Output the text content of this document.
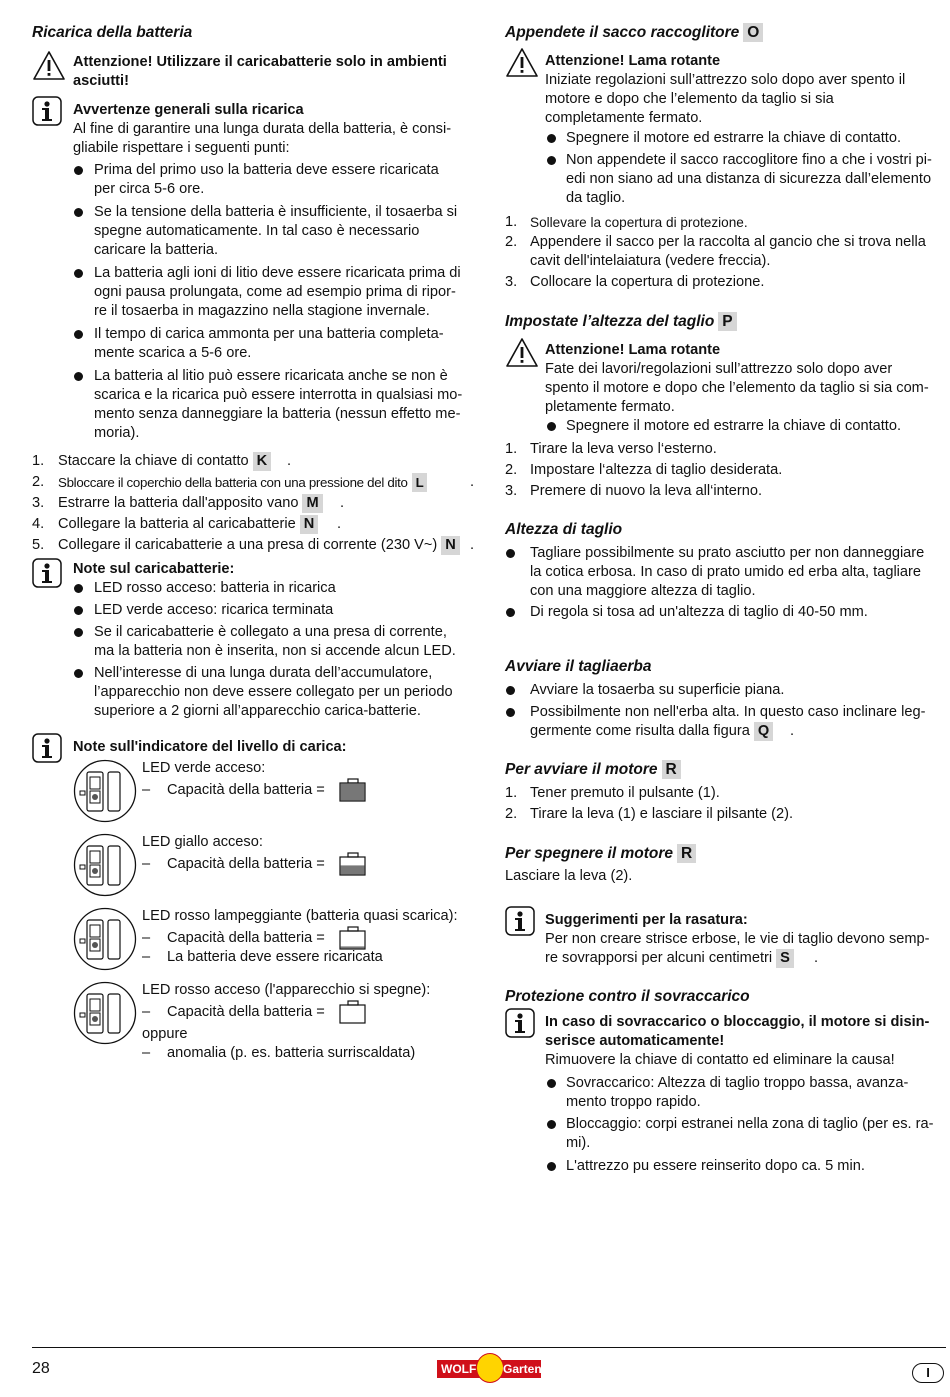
Ricarica della batteria
Attenzione! Utilizzare il caricabatterie solo in ambienti
asciutti!
Avvertenze generali sulla ricarica
Al fine di garantire una lunga durata della batteria, è consi-
gliabile rispettare i seguenti punti:
Prima del primo uso la batteria deve essere ricaricata
per circa 5-6 ore.
Se la tensione della batteria è insufficiente, il tosaerba si
spegne automaticamente. In tal caso è necessario
caricare la batteria.
La batteria agli ioni di litio deve essere ricaricata prima di
ogni pausa prolungata, come ad esempio prima di ripor-
re il tosaerba in magazzino nella stagione invernale.
Il tempo di carica ammonta per una batteria completa-
mente scarica a 5-6 ore.
La batteria al litio può essere ricaricata anche se non è
scarica e la ricarica può essere interrotta in qualsiasi mo-
mento senza danneggiare la batteria (nessun effetto me-
moria).
1. Staccare la chiave di contatto K .
2. Sbloccare il coperchio della batteria con una pressione del dito L	.
3. Estrarre la batteria dall'apposito vano M .
4. Collegare la batteria al caricabatterie N .
5. Collegare il caricabatterie a una presa di corrente (230 V~) N .
Note sul caricabatterie:
LED rosso acceso: batteria in ricarica
LED verde acceso: ricarica terminata
Se il caricabatterie è collegato a una presa di corrente,
ma la batteria non è inserita, non si accende alcun LED.
Nell’interesse di una lunga durata dell’accumulatore,
l’apparecchio non deve essere collegato per un periodo
superiore a 2 giorni all’apparecchio carica-batterie.
Note sull'indicatore del livello di carica:
LED verde acceso:
– Capacità della batteria =
LED giallo acceso:
– Capacità della batteria =
LED rosso lampeggiante (batteria quasi scarica):
– Capacità della batteria =
– La batteria deve essere ricaricata
LED rosso acceso (l'apparecchio si spegne):
– Capacità della batteria =
oppure
– anomalia (p. es. batteria surriscaldata)
Appendete il sacco raccoglitore O
Attenzione! Lama rotante
Iniziate regolazioni sull’attrezzo solo dopo aver spento il
motore e dopo che l’elemento da taglio si sia
completamente fermato.
Spegnere il motore ed estrarre la chiave di contatto.
Non appendete il sacco raccoglitore fino a che i vostri pi-
edi non siano ad una distanza di sicurezza dall’elemento
da taglio.
1. Sollevare la copertura di protezione.
2. Appendere il sacco per la raccolta al gancio che si trova nella
cavit dell'intelaiatura (vedere freccia).
3. Collocare la copertura di protezione.
Impostate l’altezza del taglio P
Attenzione! Lama rotante
Fate dei lavori/regolazioni sull’attrezzo solo dopo aver
spento il motore e dopo che l’elemento da taglio si sia com-
pletamente fermato.
Spegnere il motore ed estrarre la chiave di contatto.
1. Tirare la leva verso l‘esterno.
2. Impostare l‘altezza di taglio desiderata.
3. Premere di nuovo la leva all‘interno.
Altezza di taglio
Tagliare possibilmente su prato asciutto per non danneggiare
la cotica erbosa. In caso di prato umido ed erba alta, tagliare
con una maggiore altezza di taglio.
Di regola si tosa ad un'altezza di taglio di 40-50 mm.
Avviare il tagliaerba
Avviare la tosaerba su superficie piana.
Possibilmente non nell'erba alta. In questo caso inclinare leg-
germente come risulta dalla figura Q .
Per avviare il motore R
1. Tener premuto il pulsante (1).
2. Tirare la leva (1) e lasciare il pilsante (2).
Per spegnere il motore R
Lasciare la leva (2).
Suggerimenti per la rasatura:
Per non creare strisce erbose, le vie di taglio devono semp-
re sovrapporsi per alcuni centimetri S .
Protezione contro il sovraccarico
In caso di sovraccarico o bloccaggio, il motore si disin-
serisce automaticamente!
Rimuovere la chiave di contatto ed eliminare la causa!
Sovraccarico: Altezza di taglio troppo bassa, avanza-
mento troppo rapido.
Bloccaggio: corpi estranei nella zona di taglio (per es. ra-
mi).
L'attrezzo pu essere reinserito dopo ca. 5 min.
28	WOLF Garten	I
